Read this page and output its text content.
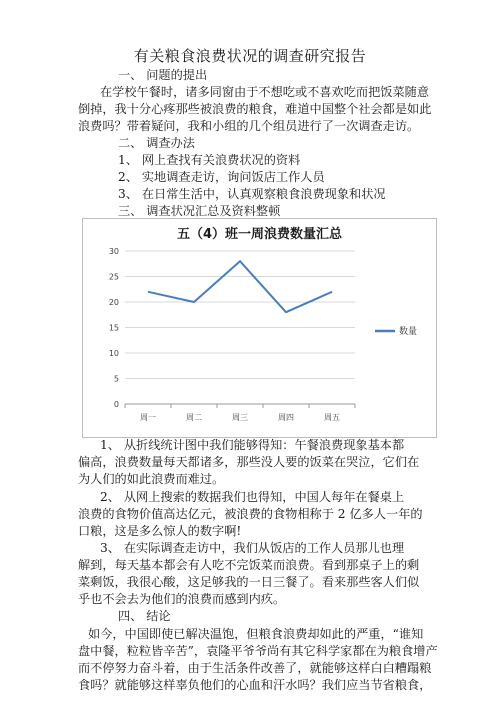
有关粮食浪费状况的调查研究报告
一、 问题的提出
在学校午餐时，诸多同窗由于不想吃或不喜欢吃而把饭菜随意
倒掉，我十分心疼那些被浪费的粮食，难道中国整个社会都是如此
浪费吗？带着疑问，我和小组的几个组员进行了一次调查走访。
二、 调查办法
1、 网上查找有关浪费状况的资料
2、 实地调查走访，询问饭店工作人员
3、 在日常生活中，认真观察粮食浪费现象和状况
五（4）班一周浪费数量汇总
0
5
10
15
20
25
30
周一	周二	周三	周四	周五
数量
1、 从折线统计图中我们能够得知：午餐浪费现象基本都
偏高，浪费数量每天都诸多，那些没人要的饭菜在哭泣，它们在
为人们的如此浪费而难过。
2、 从网上搜索的数据我们也得知，中国人每年在餐桌上
浪费的食物价值高达亿元，被浪费的食物相称于 2 亿多人一年的
口粮，这是多么惊人的数字啊!
3、 在实际调查走访中，我们从饭店的工作人员那儿也理
解到，每天基本都会有人吃不完饭菜而浪费。看到那桌子上的剩
菜剩饭，我很心酸，这足够我的一日三餐了。看来那些客人们似
乎也不会去为他们的浪费而感到内疚。
四、 结论
如今，中国即使已解决温饱，但粮食浪费却如此的严重，“谁知
盘中餐，粒粒皆辛苦”，袁隆平爷爷尚有其它科学家都在为粮食增产
而不停努力奋斗着，由于生活条件改善了，就能够这样白白糟蹋粮
食吗？就能够这样辜负他们的心血和汗水吗？我们应当节省粮食，
三、 调查状况汇总及资料整顿
